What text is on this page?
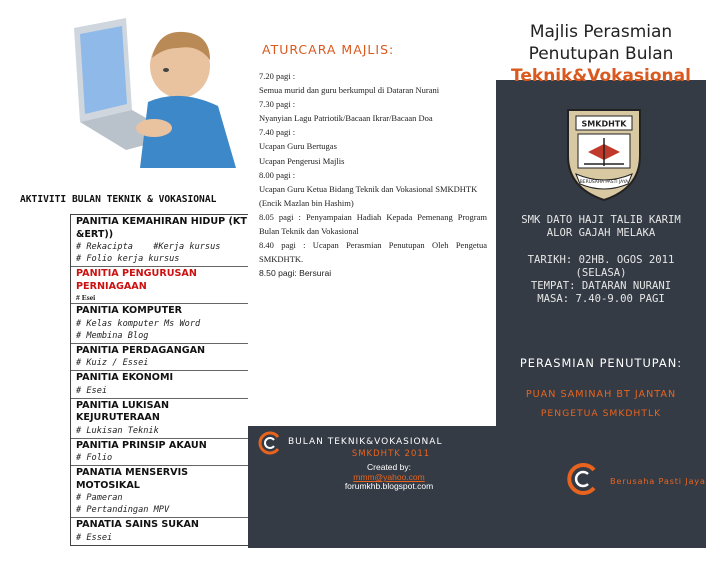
AKTIVITI BULAN TEKNIK & VOKASIONAL
PANITIA KEMAHIRAN HIDUP (KT &ERT))
# Rekacipta #Kerja kursus
# Folio kerja kursus
PANITIA PENGURUSAN PERNIAGAAN
# Esei
PANITIA KOMPUTER
# Kelas komputer Ms Word
# Membina Blog
PANITIA PERDAGANGAN
# Kuiz / Essei
PANITIA EKONOMI
# Esei
PANITIA LUKISAN KEJURUTERAAN
# Lukisan Teknik
PANITIA PRINSIP AKAUN
# Folio
PANATIA MENSERVIS MOTOSIKAL
# Pameran
# Pertandingan MPV
PANATIA SAINS SUKAN
# Essei
ATURCARA MAJLIS:
7.20 pagi :
Semua murid dan guru berkumpul di Dataran Nurani
7.30 pagi :
Nyanyian Lagu Patriotik/Bacaan Ikrar/Bacaan Doa
7.40 pagi :
Ucapan Guru Bertugas
Ucapan Pengerusi Majlis
8.00 pagi :
Ucapan Guru Ketua Bidang Teknik dan Vokasional SMKDHTK
(Encik Mazlan bin Hashim)
8.05 pagi : Penyampaian Hadiah Kepada Pemenang Program Bulan Teknik dan Vokasional
8.40 pagi : Ucapan Perasmian Penutupan Oleh Pengetua SMKDHTK.
8.50 pagi: Bersurai
BULAN TEKNIK&VOKASIONAL
SMKDHTK 2011
Created by:
mmm@yahoo.com
forumkhb.blogspot.com
Majlis Perasmian
Penutupan Bulan
Teknik&Vokasional
SMKDHTK
BERUSAHA PASTI JAYA
SMK DATO HAJI TALIB KARIM
ALOR GAJAH MELAKA
TARIKH: 02HB. OGOS 2011
(SELASA)
TEMPAT: DATARAN NURANI
MASA: 7.40-9.00 PAGI
PERASMIAN PENUTUPAN:
PUAN SAMINAH BT JANTAN
PENGETUA SMKDHTLK
Berusaha Pasti Jaya
